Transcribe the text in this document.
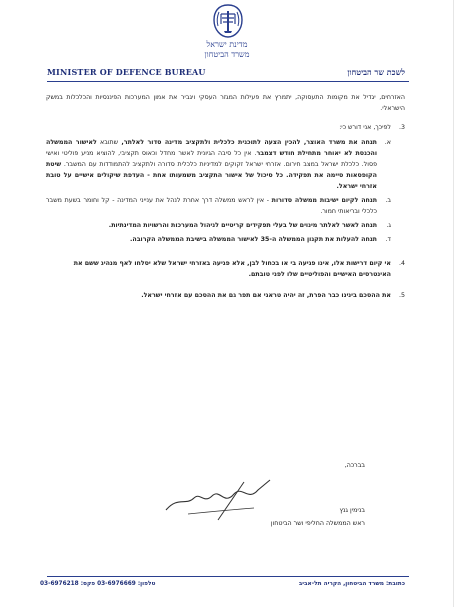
מדינת ישראל
משרד הביטחון
MINISTER OF DEFENCE BUREAU	לשכת שר הביטחון

האזרחים, יגדיל את מקומות התעסוקה, יתמרץ את פעילות המגזר העסקי ויגביר את אמון המערכות הפיננסיות והכלכלות במשק הישראלי.

3.
לפיכך, אני דורש כי:
א.
תנחה את משרד האוצר, להכין הצעה לתוכנית כלכלית ולתקציב מדינה סדור לאלתר, שתובא לאישור הממשלה והכנסת לא יאוחר מתחילת חודש דצמבר. אין כל סיבה הגיונית לאשר מחדל וכאוס תקציבי, להוציא מניע פוליטי ואישי פסול. כלכלת ישראל במצב חירום. אזרחי ישראל זקוקים למדיניות כלכלית סדורה ולתקציב להתמודדות עם המשבר. שיטת הקופסאות סיימה את תפקידה. כל סיכול של אישור התקציב משמעותו אחת - העדפת שיקולים אישיים על טובת אזרחי ישראל.
ב.
תנחה לקיום ישיבות ממשלה סדורות - אין לראש ממשלה דרך אחרת לנהל את ענייני המדינה - קל וחומר בשעת משבר כלכלי ובריאותי חמור.
ג.
תנחה לאשר לאלתר מינוים של בעלי תפקידים קריטיים לניהול המערכות והרשויות המדינתיות.
ד.
תנחה להעלות את תקנון הממשלה ה-35 לאישור הממשלה בישיבת הממשלה הקרובה.
4.
אי קיום דרישות אלו, אינו פגיעה בי או בכחול לבן, אלא פגיעה באזרחי ישראל שלא יסלחו לאף מנהיג ששם את האינטרסים האישיים והפוליטיים שלו לפני טובתם.
5.
את ההסכם בינינו כבר הפרת, זה יהיה טראגי אם תפר גם את ההסכם עם אזרחי ישראל.
בברכה,
בנימין גנץ
ראש הממשלה החליפי ושר הביטחון
כתובת: משרד הביטחון, הקריה תל-אביב
טלפון: 03-6976669 פקס: 03-6976218
